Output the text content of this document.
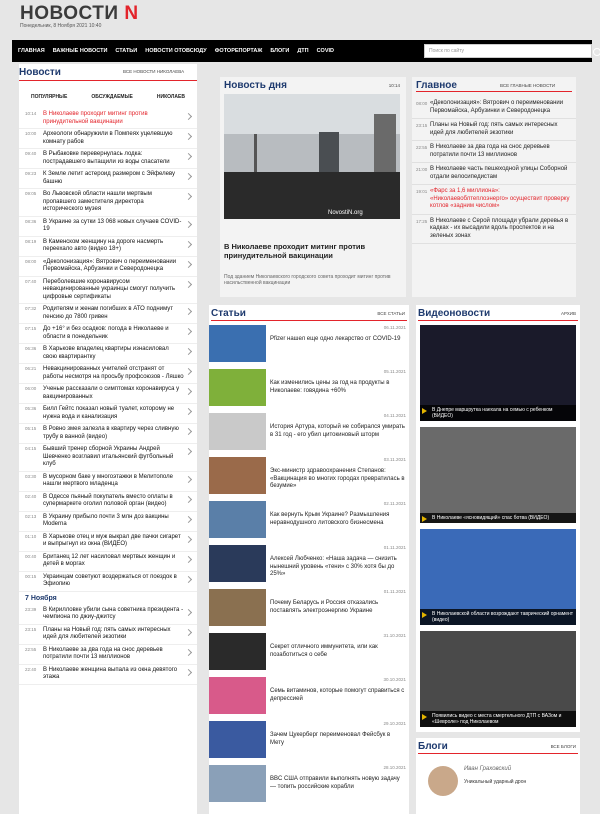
НОВОСТИ N
Понедельник, 8 Ноября 2021 10:40
ГЛАВНАЯ	ВАЖНЫЕ НОВОСТИ	СТАТЬИ	НОВОСТИ ОТОВСЮДУ	ФОТОРЕПОРТАЖ	БЛОГИ	ДТП	COVID	Поиск по сайту
Новости	ВСЕ НОВОСТИ НИКОЛАЕВА
ПОПУЛЯРНЫЕ	ОБСУЖДАЕМЫЕ	НИКОЛАЕВ
10:14	В Николаеве проходит митинг против принудительной вакцинации
10:00	Археологи обнаружили в Помпеях уцелевшую комнату рабов
09:40	В Рыбаковке перевернулась лодка: пострадавшего вытащили из воды спасатели
09:23	К Земле летит астероид размером с Эйфелеву башню
09:05	Во Львовской области нашли мертвым пропавшего заместителя директора исторического музея
08:36	В Украине за сутки 13 068 новых случаев COVID-19
08:19	В Каменском женщину на дороге насмерть переехало авто (видео 18+)
08:00	«Деколонизация»: Вятрович о переименовании Первомайска, Арбузинки и Северодонецка
07:40	Переболевшие коронавирусом невакцинированные украинцы смогут получить цифровые сертификаты
07:32	Родителям и женам погибших в АТО поднимут пенсию до 7800 гривен
07:15	До +16° и без осадков: погода в Николаеве и области в понедельник
06:36	В Харькове владелец квартиры изнасиловал свою квартирантку
06:21	Невакцинированных учителей отстранят от работы несмотря на просьбу профсоюзов - Ляшко
06:00	Ученые рассказали о симптомах коронавируса у вакцинированных
05:36	Билл Гейтс показал новый туалет, которому не нужна вода и канализация
05:15	В Ровно змея залезла в квартиру через сливную трубу в ванной (видео)
04:15	Бывший тренер сборной Украины Андрей Шевченко возглавил итальянский футбольный клуб
03:30	В мусорном баке у многоэтажки в Мелитополе нашли мертвого младенца
02:40	В Одессе пьяный покупатель вместо оплаты в супермаркете оголил половой орган (видео)
02:13	В Украину прибыло почти 3 млн доз вакцины Moderna
01:10	В Харькове отец и муж выкрал две пачки сигарет и выпрыгнул из окна (ВИДЕО)
00:40	Британец 12 лет насиловал мертвых женщин и детей в моргах
00:15	Украинцам советуют воздержаться от поездок в Эфиопию
7 Ноября
23:39	В Кирилловке убили сына советника президента - чемпиона по джиу-джитсу
23:15	Планы на Новый год: пять самых интересных идей для любителей экзотики
22:55	В Николаеве за два года на снос деревьев потратили почти 13 миллионов
22:40	В Николаеве женщина выпала из окна девятого этажа
Новость дня	10:14
NovostiN.org
В Николаеве проходит митинг против принудительной вакцинации
Под зданием Николаевского городского совета проходит митинг против насильственной вакцинации
Главное	ВСЕ ГЛАВНЫЕ НОВОСТИ
08:00 «Деколонизация»: Вятрович о переименовании Первомайска, Арбузинки и Северодонецка
23:15 Планы на Новый год: пять самых интересных идей для любителей экзотики
22:55 В Николаеве за два года на снос деревьев потратили почти 13 миллионов
21:00 В Николаеве часть пешеходной улицы Соборной отдали велосипедистам
19:01 «Фарс за 1,6 миллиона»: «Николаевоблтеплоэнерго» осуществит проверку котлов «задним числом»
17:25 В Николаеве с Серой площади убрали деревья в кадках - их высадили вдоль проспектов и на зеленых зонах
Статьи	ВСЕ СТАТЬИ
06.11.2021
Pfizer нашел еще одно лекарство от COVID-19
05.11.2021
Как изменились цены за год на продукты в Николаеве: говядина +60%
04.11.2021
История Артура, который не собирался умирать в 31 год - его убил цитокиновый шторм
03.11.2021
Экс-министр здравоохранения Степанов: «Вакцинация во многих городах превратилась в безумие»
02.11.2021
Как вернуть Крым Украине? Размышления неравнодушного литовского бизнесмена
01.11.2021
Алексей Любченко: «Наша задача — снизить нынешний уровень «тени» с 30% хотя бы до 25%»
01.11.2021
Почему Беларусь и Россия отказались поставлять электроэнергию Украине
31.10.2021
Секрет отличного иммунитета, или как позаботиться о себе
30.10.2021
Семь витаминов, которые помогут справиться с депрессией
29.10.2021
Зачем Цукерберг переименовал Фейсбук в Мету
28.10.2021
BBC США отправили выполнять новую задачу — топить российские корабли
Видеоновости	АРХИВ
В Днепре маршрутка наехала на семью с ребенком (ВИДЕО)
В Николаеве «ясновидящий» спас ботва (ВИДЕО)
В Николаевской области возрождают таврический орнамент (видео)
Появились видео с места смертельного ДТП с ВАЗом и «Шевроле» под Николаевом
Блоги	ВСЕ БЛОГИ
Иван Граховский
Уникальный ударный дрон
